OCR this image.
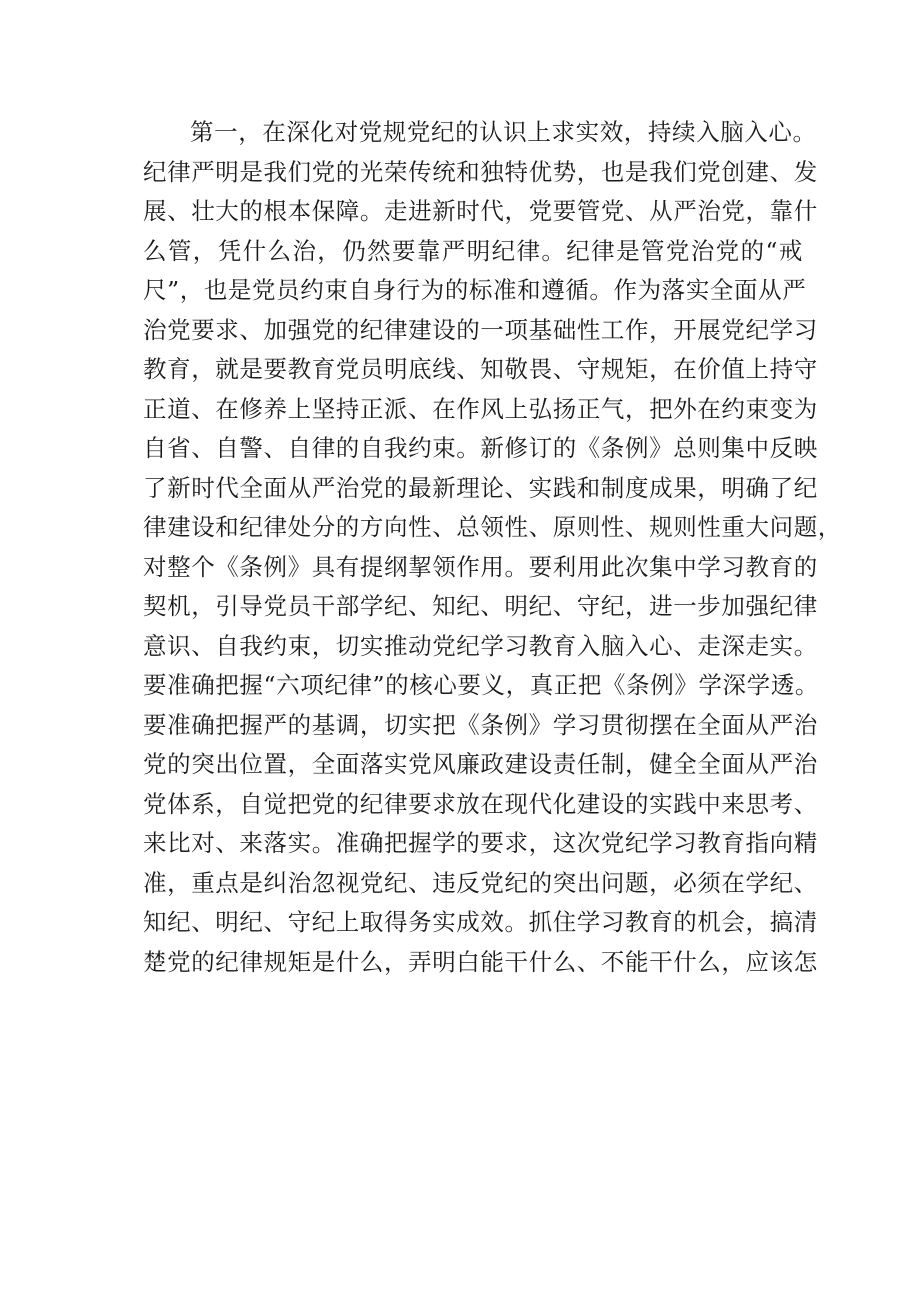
第一，在深化对党规党纪的认识上求实效，持续入脑入心。
纪律严明是我们党的光荣传统和独特优势，也是我们党创建、发
展、壮大的根本保障。走进新时代，党要管党、从严治党，靠什
么管，凭什么治，仍然要靠严明纪律。纪律是管党治党的“戒
尺”，也是党员约束自身行为的标准和遵循。作为落实全面从严
治党要求、加强党的纪律建设的一项基础性工作，开展党纪学习
教育，就是要教育党员明底线、知敬畏、守规矩，在价值上持守
正道、在修养上坚持正派、在作风上弘扬正气，把外在约束变为
自省、自警、自律的自我约束。新修订的《条例》总则集中反映
了新时代全面从严治党的最新理论、实践和制度成果，明确了纪
律建设和纪律处分的方向性、总领性、原则性、规则性重大问题，
对整个《条例》具有提纲挈领作用。要利用此次集中学习教育的
契机，引导党员干部学纪、知纪、明纪、守纪，进一步加强纪律
意识、自我约束，切实推动党纪学习教育入脑入心、走深走实。
要准确把握“六项纪律”的核心要义，真正把《条例》学深学透。
要准确把握严的基调，切实把《条例》学习贯彻摆在全面从严治
党的突出位置，全面落实党风廉政建设责任制，健全全面从严治
党体系，自觉把党的纪律要求放在现代化建设的实践中来思考、
来比对、来落实。准确把握学的要求，这次党纪学习教育指向精
准，重点是纠治忽视党纪、违反党纪的突出问题，必须在学纪、
知纪、明纪、守纪上取得务实成效。抓住学习教育的机会，搞清
楚党的纪律规矩是什么，弄明白能干什么、不能干什么，应该怎
